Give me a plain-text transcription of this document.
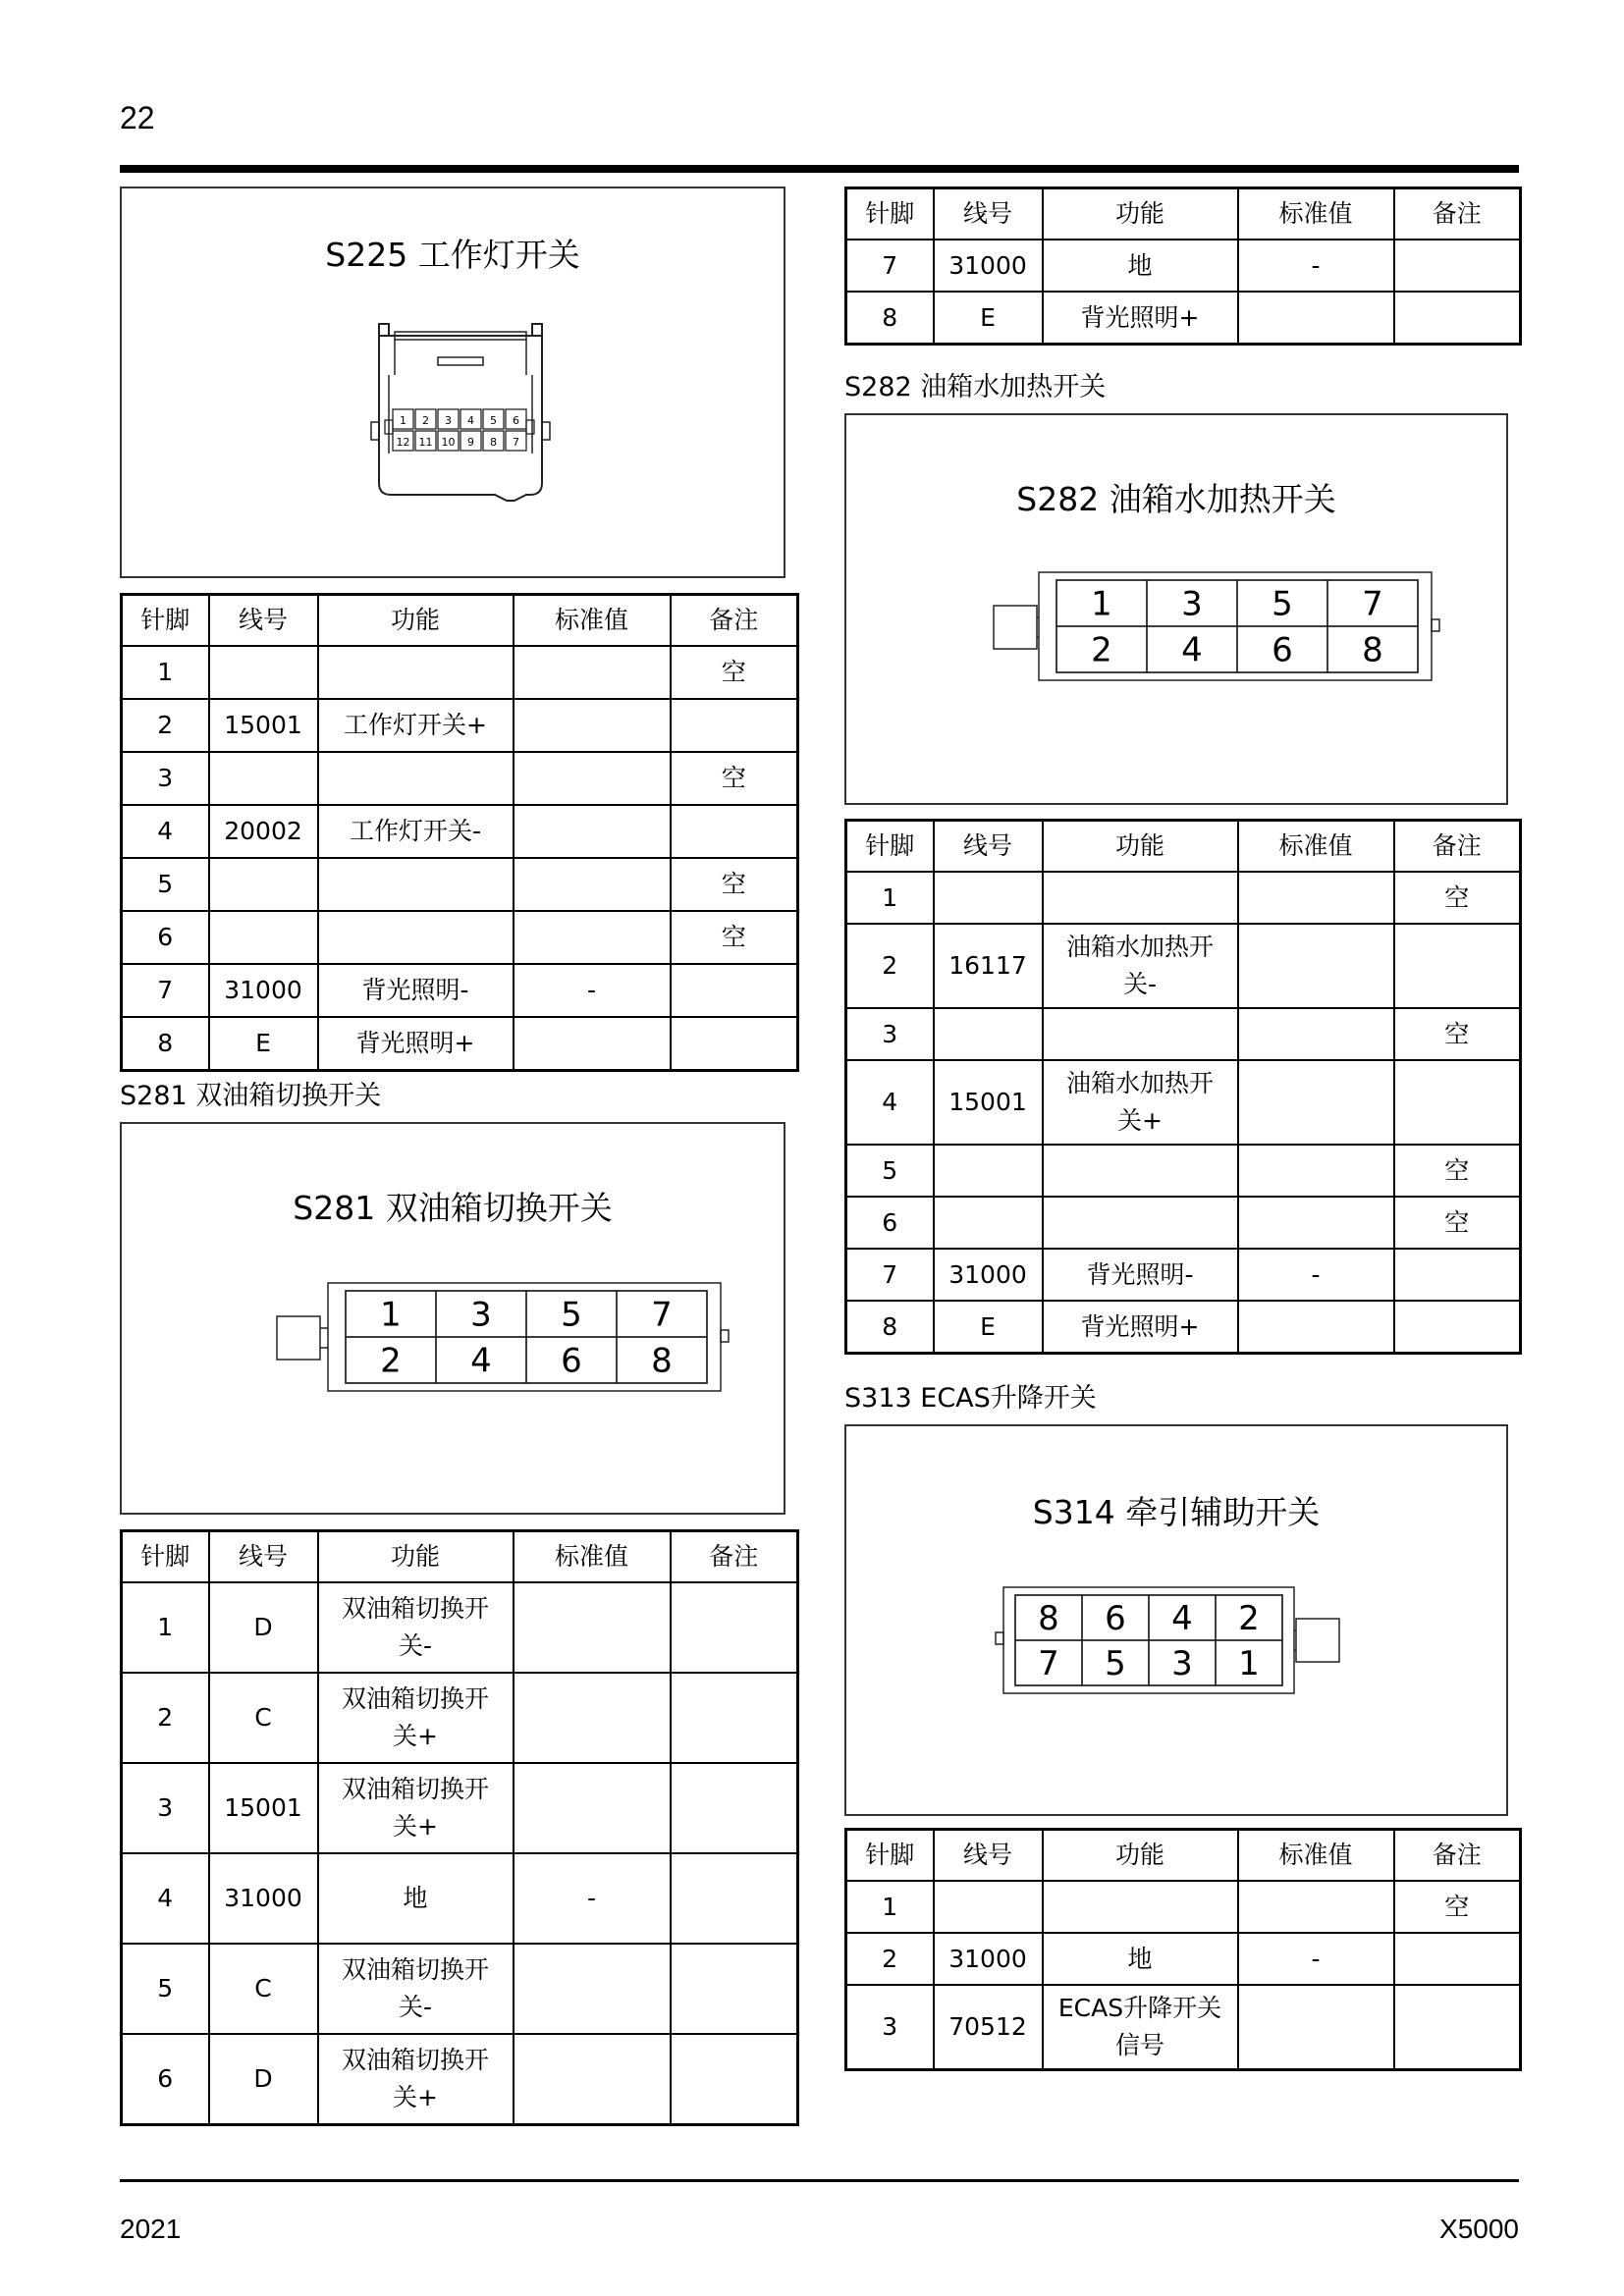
22
2021	X5000
S225 工作灯开关
1 2 3 4 5 6
12 11 10 9 8 7
针脚	线号	功能	标准值	备注
1				空
2	15001	工作灯开关+		
3				空
4	20002	工作灯开关-		
5				空
6				空
7	31000	背光照明-	-	
8	E	背光照明+		
S281 双油箱切换开关
S281 双油箱切换开关
1 3 5 7
2 4 6 8
针脚	线号	功能	标准值	备注
1	D	双油箱切换开
关-		

2	C	双油箱切换开
关+		

3	15001	双油箱切换开
关+		

4	31000	地	-	
5	C	双油箱切换开
关-		

6	D	双油箱切换开
关+		

针脚	线号	功能	标准值	备注
7	31000	地	-	
8	E	背光照明+		
S282 油箱水加热开关
S282 油箱水加热开关
1 3 5 7
2 4 6 8
针脚	线号	功能	标准值	备注
1				空
2	16117	油箱水加热开
关-		

3				空
4	15001	油箱水加热开
关+		

5				空
6				空
7	31000	背光照明-	-	
8	E	背光照明+		

S313 ECAS升降开关
S314 牵引辅助开关
8 6 4 2
7 5 3 1
针脚	线号	功能	标准值	备注
1				空
2	31000	地	-	
3	70512	ECAS升降开关
信号		
